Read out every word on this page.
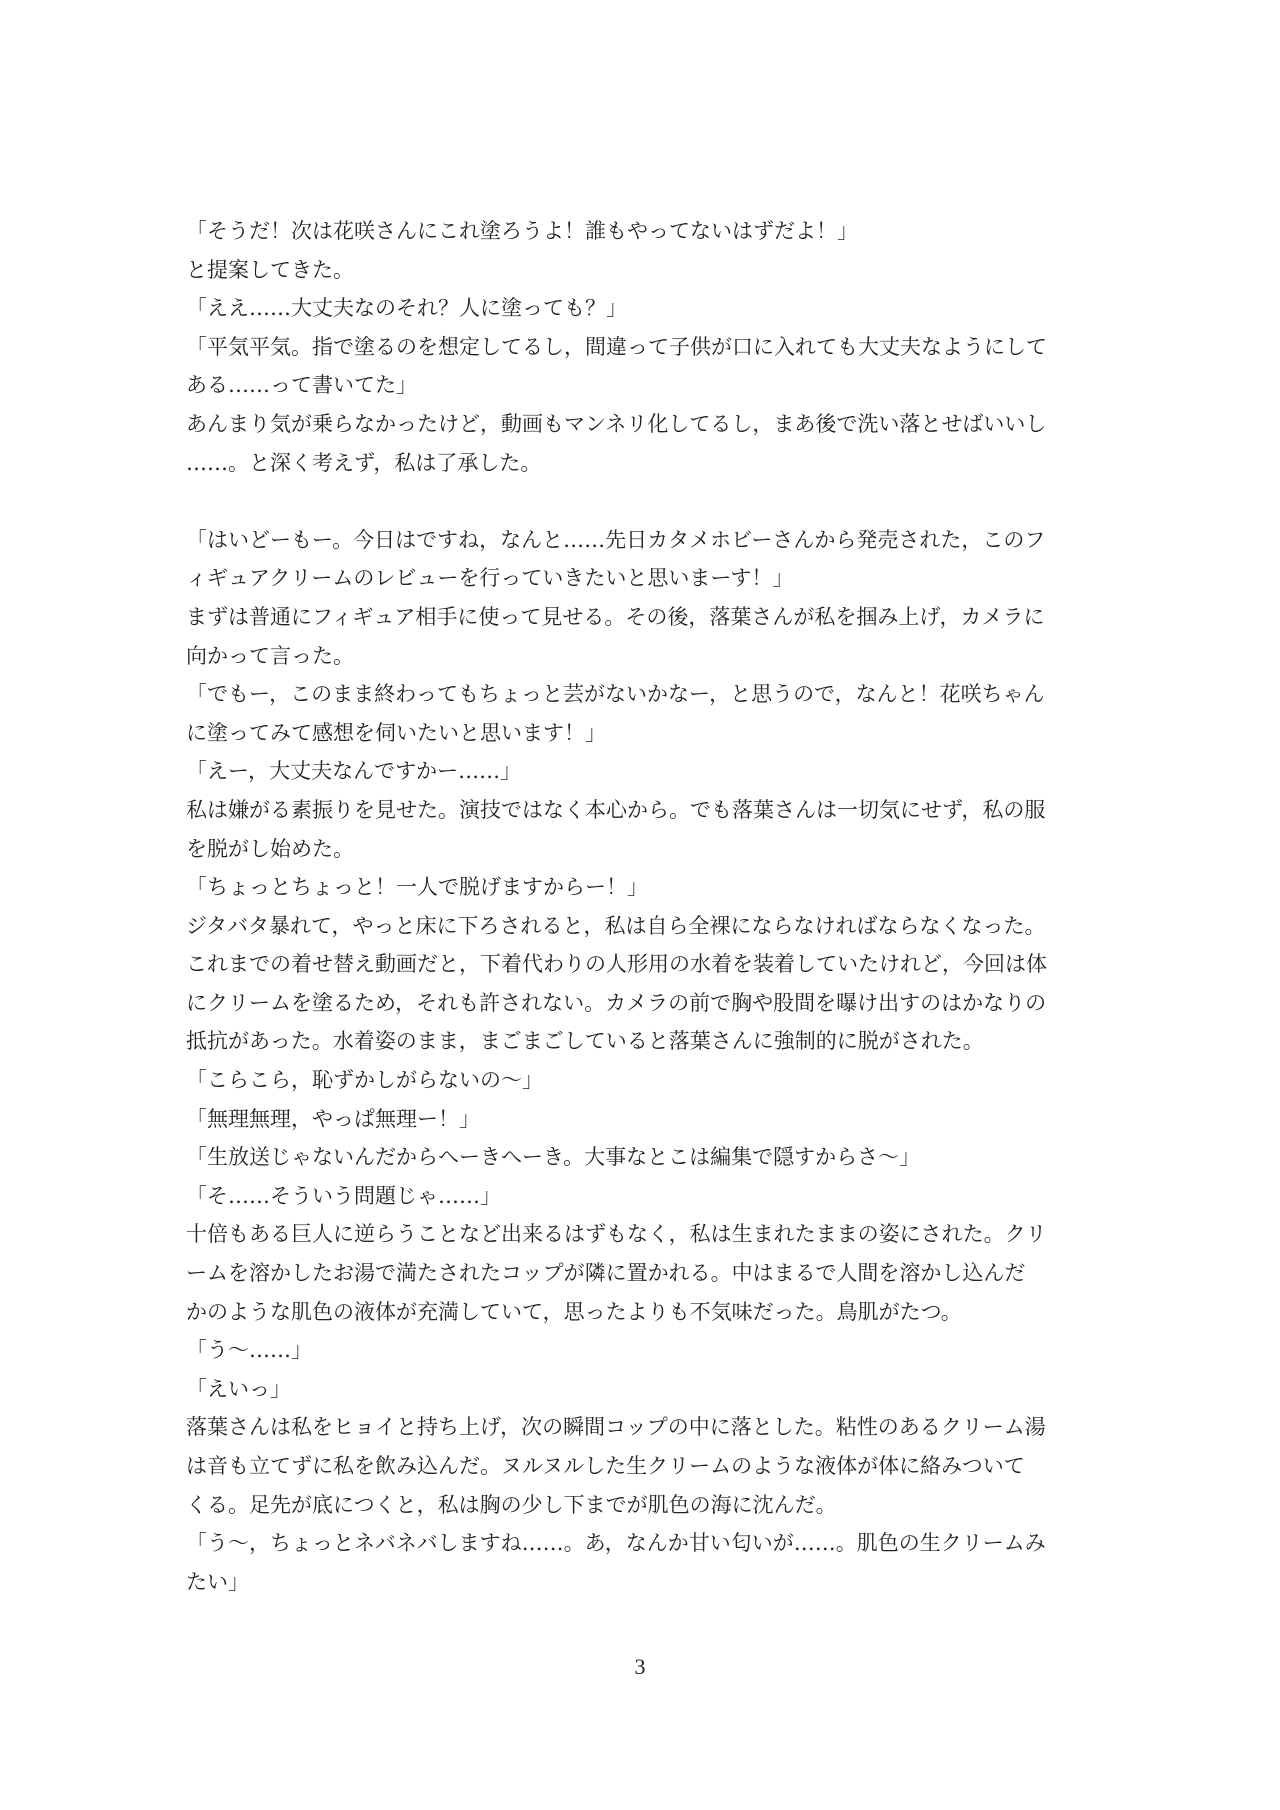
「そうだ！次は花咲さんにこれ塗ろうよ！誰もやってないはずだよ！」
と提案してきた。
「ええ……大丈夫なのそれ？人に塗っても？」
「平気平気。指で塗るのを想定してるし，間違って子供が口に入れても大丈夫なようにして
ある……って書いてた」
あんまり気が乗らなかったけど，動画もマンネリ化してるし，まあ後で洗い落とせばいいし
……。と深く考えず，私は了承した。
「はいどーもー。今日はですね，なんと……先日カタメホビーさんから発売された，このフ
ィギュアクリームのレビューを行っていきたいと思いまーす！」
まずは普通にフィギュア相手に使って見せる。その後，落葉さんが私を掴み上げ，カメラに
向かって言った。
「でもー，このまま終わってもちょっと芸がないかなー，と思うので，なんと！花咲ちゃん
に塗ってみて感想を伺いたいと思います！」
「えー，大丈夫なんですかー……」
私は嫌がる素振りを見せた。演技ではなく本心から。でも落葉さんは一切気にせず，私の服
を脱がし始めた。
「ちょっとちょっと！一人で脱げますからー！」
ジタバタ暴れて，やっと床に下ろされると，私は自ら全裸にならなければならなくなった。
これまでの着せ替え動画だと，下着代わりの人形用の水着を装着していたけれど，今回は体
にクリームを塗るため，それも許されない。カメラの前で胸や股間を曝け出すのはかなりの
抵抗があった。水着姿のまま，まごまごしていると落葉さんに強制的に脱がされた。
「こらこら，恥ずかしがらないの～」
「無理無理，やっぱ無理ー！」
「生放送じゃないんだからへーきへーき。大事なとこは編集で隠すからさ～」
「そ……そういう問題じゃ……」
十倍もある巨人に逆らうことなど出来るはずもなく，私は生まれたままの姿にされた。クリ
ームを溶かしたお湯で満たされたコップが隣に置かれる。中はまるで人間を溶かし込んだ
かのような肌色の液体が充満していて，思ったよりも不気味だった。鳥肌がたつ。
「う～……」
「えいっ」
落葉さんは私をヒョイと持ち上げ，次の瞬間コップの中に落とした。粘性のあるクリーム湯
は音も立てずに私を飲み込んだ。ヌルヌルした生クリームのような液体が体に絡みついて
くる。足先が底につくと，私は胸の少し下までが肌色の海に沈んだ。
「う～，ちょっとネバネバしますね……。あ，なんか甘い匂いが……。肌色の生クリームみ
たい」
3
